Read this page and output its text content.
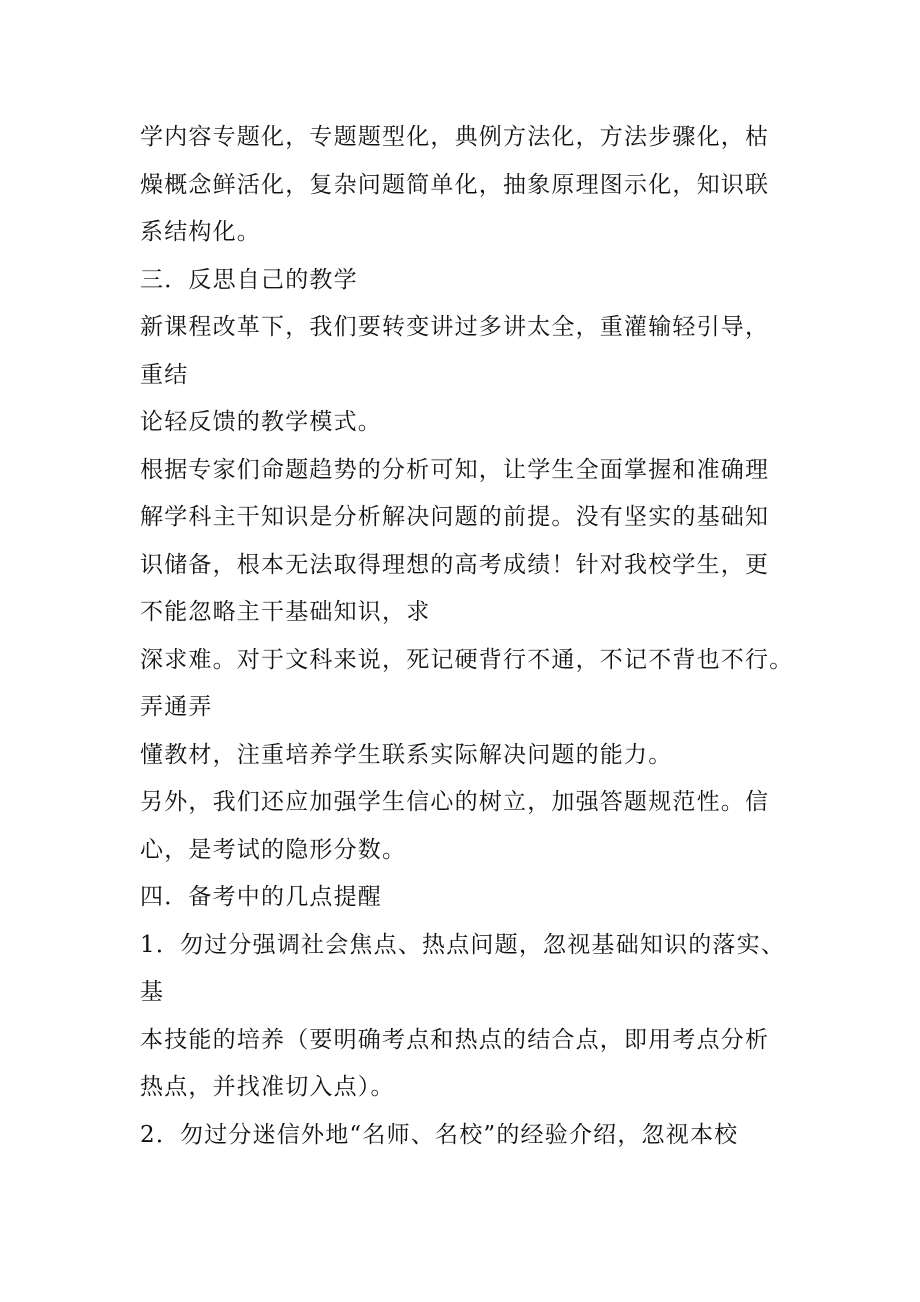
学内容专题化，专题题型化，典例方法化，方法步骤化，枯
燥概念鲜活化，复杂问题简单化，抽象原理图示化，知识联
系结构化。
三．反思自己的教学
新课程改革下，我们要转变讲过多讲太全，重灌输轻引导，
重结
论轻反馈的教学模式。
根据专家们命题趋势的分析可知，让学生全面掌握和准确理
解学科主干知识是分析解决问题的前提。没有坚实的基础知
识储备，根本无法取得理想的高考成绩！针对我校学生，更
不能忽略主干基础知识，求
深求难。对于文科来说，死记硬背行不通，不记不背也不行。
弄通弄
懂教材，注重培养学生联系实际解决问题的能力。
另外，我们还应加强学生信心的树立，加强答题规范性。信
心，是考试的隐形分数。
四．备考中的几点提醒
1．勿过分强调社会焦点、热点问题，忽视基础知识的落实、
基
本技能的培养（要明确考点和热点的结合点，即用考点分析
热点，并找准切入点）。
2．勿过分迷信外地“名师、名校”的经验介绍，忽视本校
